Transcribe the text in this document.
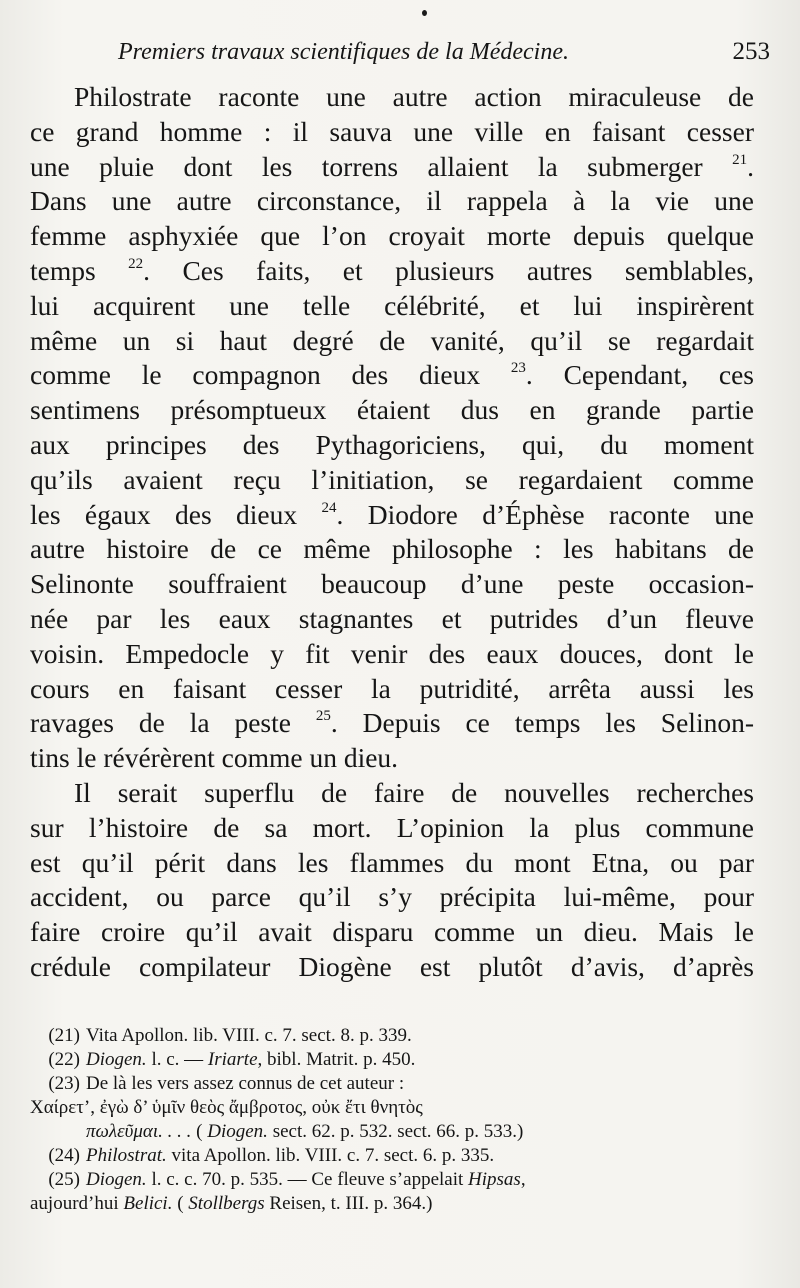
Premiers travaux scientifiques de la Médecine.	253

Philostrate raconte une autre action miraculeuse de
ce grand homme : il sauva une ville en faisant cesser
une pluie dont les torrens allaient la submerger $^{21}$.
Dans une autre circonstance, il rappela à la vie une
femme asphyxiée que l’on croyait morte depuis quelque
temps $^{22}$. Ces faits, et plusieurs autres semblables,
lui acquirent une telle célébrité, et lui inspirèrent
même un si haut degré de vanité, qu’il se regardait
comme le compagnon des dieux $^{23}$. Cependant, ces
sentimens présomptueux étaient dus en grande partie
aux principes des Pythagoriciens, qui, du moment
qu’ils avaient reçu l’initiation, se regardaient comme
les égaux des dieux $^{24}$. Diodore d’Éphèse raconte une
autre histoire de ce même philosophe : les habitans de
Selinonte souffraient beaucoup d’une peste occasion-
née par les eaux stagnantes et putrides d’un fleuve
voisin. Empedocle y fit venir des eaux douces, dont le
cours en faisant cesser la putridité, arrêta aussi les
ravages de la peste $^{25}$. Depuis ce temps les Selinon-
tins le révérèrent comme un dieu.

Il serait superflu de faire de nouvelles recherches
sur l’histoire de sa mort. L’opinion la plus commune
est qu’il périt dans les flammes du mont Etna, ou par
accident, ou parce qu’il s’y précipita lui-même, pour
faire croire qu’il avait disparu comme un dieu. Mais le
crédule compilateur Diogène est plutôt d’avis, d’après

(21) Vita Apollon. lib. VIII. c. 7. sect. 8. p. 339.
(22) Diogen. l. c. — Iriarte, bibl. Matrit. p. 450.
(23) De là les vers assez connus de cet auteur :
Χαίρετ’, ἐγὼ δ’ ὑμῖν θεὸς ἄμβροτος, οὐκ ἔτι θνητὸς
πωλεῦμαι. . . . ( Diogen. sect. 62. p. 532. sect. 66. p. 533.)
(24) Philostrat. vita Apollon. lib. VIII. c. 7. sect. 6. p. 335.
(25) Diogen. l. c. c. 70. p. 535. — Ce fleuve s’appelait Hipsas,
aujourd’hui Belici. ( Stollbergs Reisen, t. III. p. 364.)
